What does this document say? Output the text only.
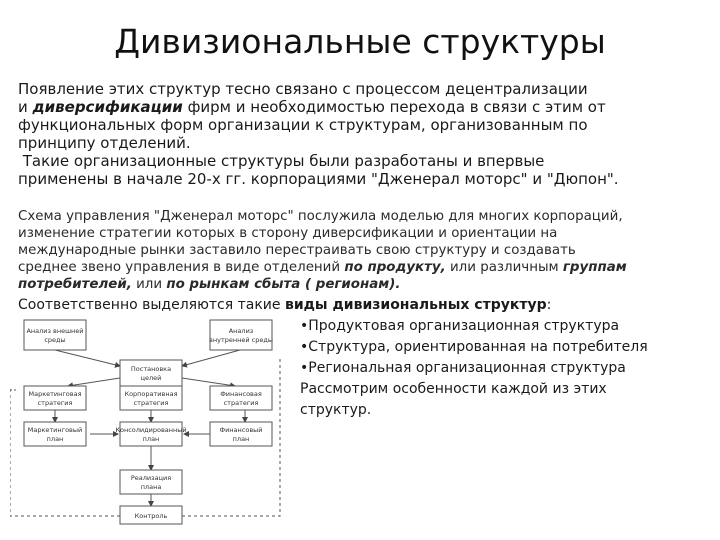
Дивизиональные структуры
Появление этих структур тесно связано с процессом децентрализации
и диверсификации фирм и необходимостью перехода в связи с этим от
функциональных форм организации к структурам, организованным по
принципу отделений.
Такие организационные структуры были разработаны и впервые
применены в начале 20-х гг. корпорациями "Дженерал моторс" и "Дюпон".
Схема управления "Дженерал моторс" послужила моделью для многих корпораций,
изменение стратегии которых в сторону диверсификации и ориентации на
международные рынки заставило перестраивать свою структуру и создавать
среднее звено управления в виде отделений по продукту, или различным группам
потребителей, или по рынкам сбыта ( регионам).
Соответственно выделяются такие виды дивизиональных структур:
•Продуктовая организационная структура
•Структура, ориентированная на потребителя
•Региональная организационная структура
Рассмотрим особенности каждой из этих
структур.
Анализ внешней
среды
Анализ
внутренней среды
Постановка
целей
Маркетинговая
стратегия
Корпоративная
стратегия
Финансовая
стратегия
Маркетинговый
план
Консолидированный
план
Финансовый
план
Реализация
плана
Контроль
